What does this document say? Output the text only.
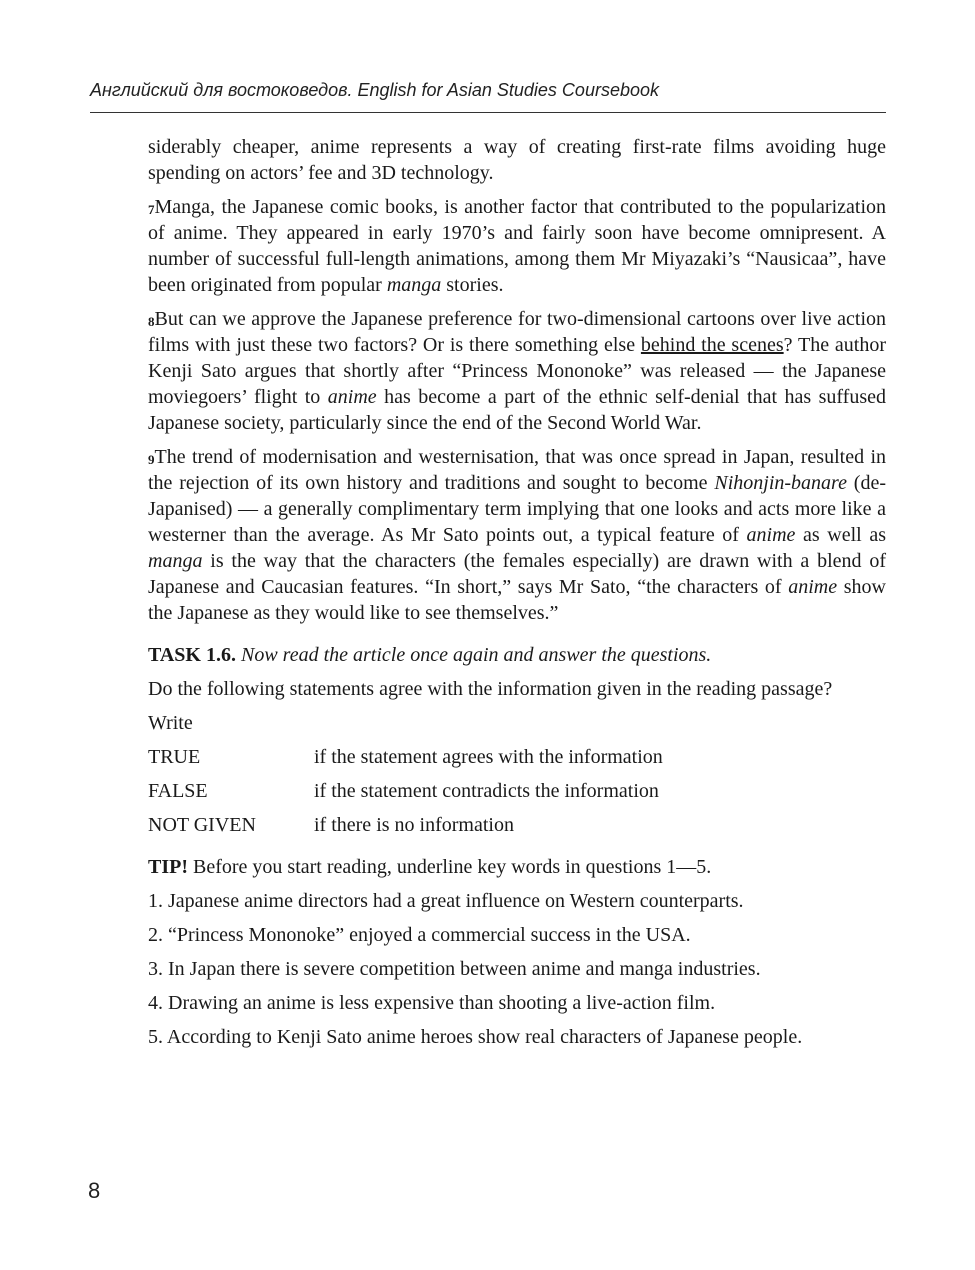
Английский для востоковедов. English for Asian Studies Coursebook

siderably cheaper, anime represents a way of creating first-rate films avoiding huge spending on actors’ fee and 3D technology.

$^7$Manga, the Japanese comic books, is another factor that contributed to the popularization of anime. They appeared in early 1970’s and fairly soon have become omnipresent. A number of successful full-length animations, among them Mr Miyazaki’s “Nausicaa”, have been originated from popular manga stories.

$^8$But can we approve the Japanese preference for two-dimensional cartoons over live action films with just these two factors? Or is there something else behind the scenes? The author Kenji Sato argues that shortly after “Princess Mononoke” was released — the Japanese moviegoers’ flight to anime has become a part of the ethnic self-denial that has suffused Japanese society, particularly since the end of the Second World War.

$^9$The trend of modernisation and westernisation, that was once spread in Japan, resulted in the rejection of its own history and traditions and sought to become Nihonjin-banare (de-Japanised) — a generally complimentary term implying that one looks and acts more like a westerner than the average. As Mr Sato points out, a typical feature of anime as well as manga is the way that the characters (the females especially) are drawn with a blend of Japanese and Caucasian features. “In short,” says Mr Sato, “the characters of anime show the Japanese as they would like to see themselves.”

TASK 1.6. Now read the article once again and answer the questions.

Do the following statements agree with the information given in the reading passage?

Write

TRUE	if the statement agrees with the information
FALSE	if the statement contradicts the information
NOT GIVEN	if there is no information

TIP! Before you start reading, underline key words in questions 1—5.

1. Japanese anime directors had a great influence on Western counterparts.

2. “Princess Mononoke” enjoyed a commercial success in the USA.

3. In Japan there is severe competition between anime and manga industries.

4. Drawing an anime is less expensive than shooting a live-action film.

5. According to Kenji Sato anime heroes show real characters of Japanese people.

8
